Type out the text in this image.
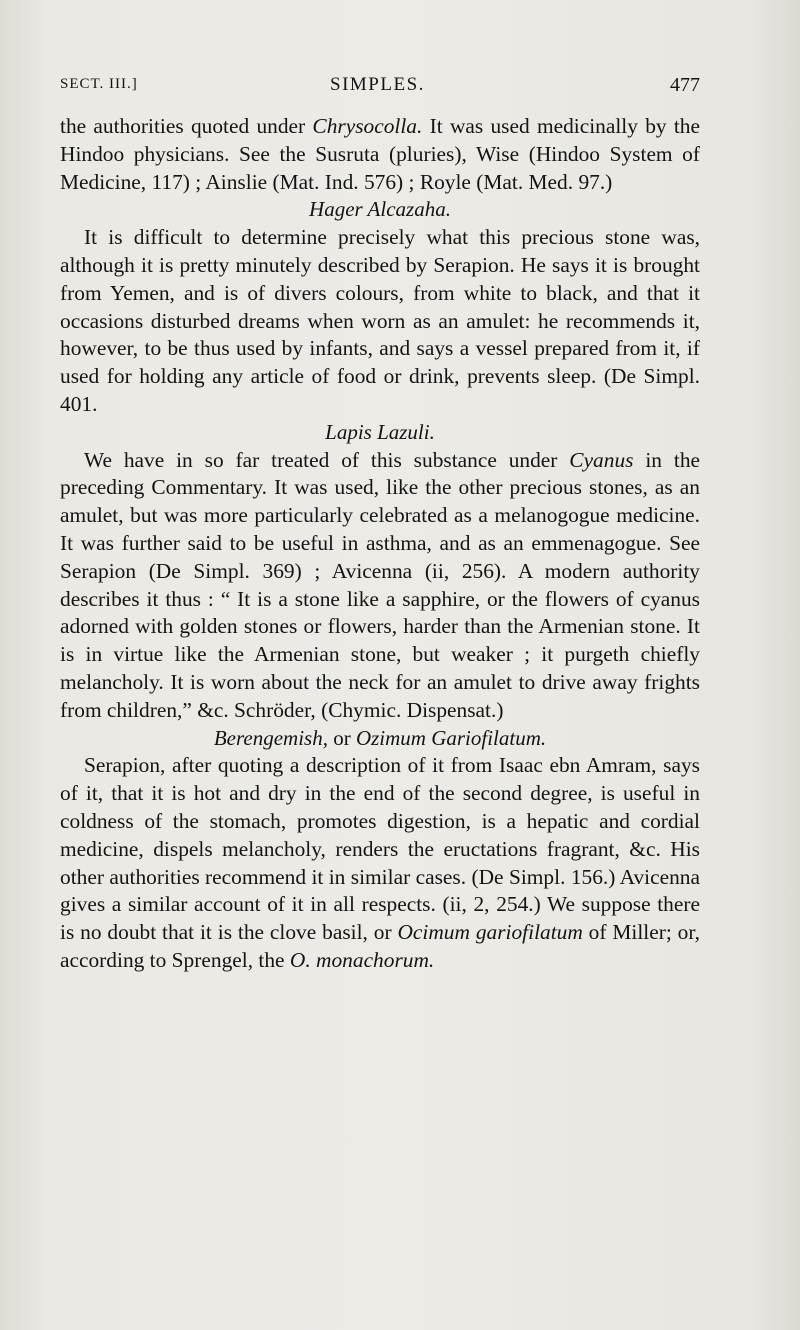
SECT. III.]	SIMPLES.	477

the authorities quoted under Chrysocolla. It was used medicinally by the Hindoo physicians. See the Susruta (pluries), Wise (Hindoo System of Medicine, 117) ; Ainslie (Mat. Ind. 576) ; Royle (Mat. Med. 97.)

Hager Alcazaha.

It is difficult to determine precisely what this precious stone was, although it is pretty minutely described by Serapion. He says it is brought from Yemen, and is of divers colours, from white to black, and that it occasions disturbed dreams when worn as an amulet: he recommends it, however, to be thus used by infants, and says a vessel prepared from it, if used for holding any article of food or drink, prevents sleep. (De Simpl. 401.

Lapis Lazuli.

We have in so far treated of this substance under Cyanus in the preceding Commentary. It was used, like the other precious stones, as an amulet, but was more particularly celebrated as a melanogogue medicine. It was further said to be useful in asthma, and as an emmenagogue. See Serapion (De Simpl. 369) ; Avicenna (ii, 256). A modern authority describes it thus : “ It is a stone like a sapphire, or the flowers of cyanus adorned with golden stones or flowers, harder than the Armenian stone. It is in virtue like the Armenian stone, but weaker ; it purgeth chiefly melancholy. It is worn about the neck for an amulet to drive away frights from children,” &c. Schröder, (Chymic. Dispensat.)

Berengemish, or Ozimum Gariofilatum.

Serapion, after quoting a description of it from Isaac ebn Amram, says of it, that it is hot and dry in the end of the second degree, is useful in coldness of the stomach, promotes digestion, is a hepatic and cordial medicine, dispels melancholy, renders the eructations fragrant, &c. His other authorities recommend it in similar cases. (De Simpl. 156.) Avicenna gives a similar account of it in all respects. (ii, 2, 254.) We suppose there is no doubt that it is the clove basil, or Ocimum gariofilatum of Miller; or, according to Sprengel, the O. monachorum.
